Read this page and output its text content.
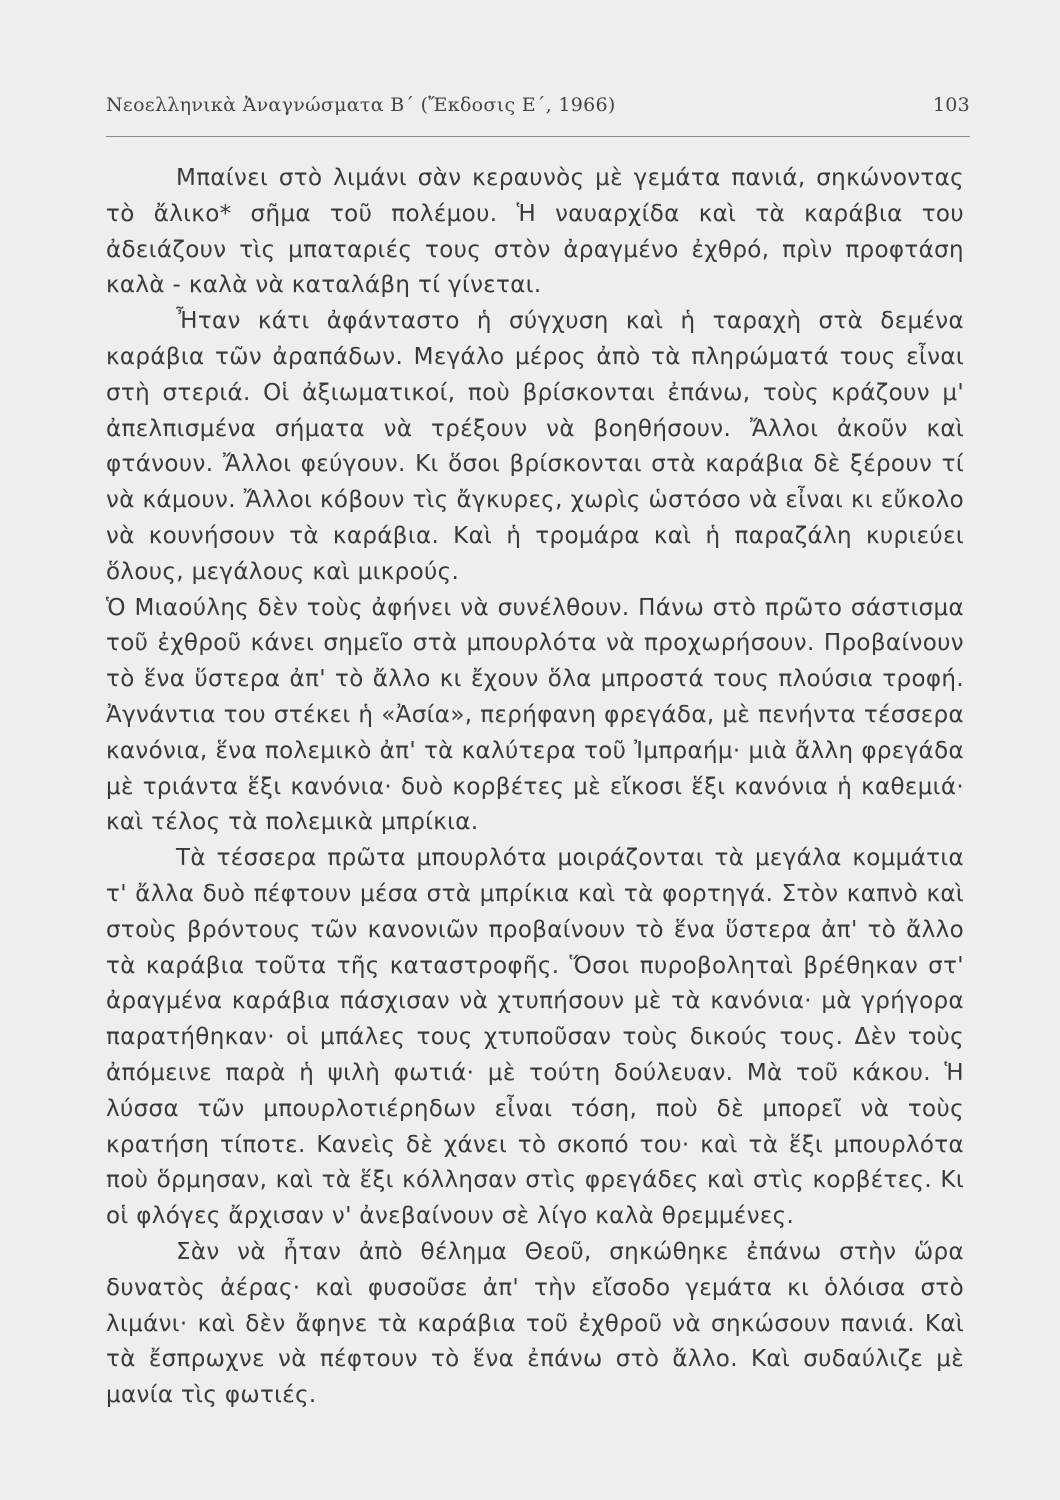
Νεοελληνικὰ Ἀναγνώσματα Β΄ (Ἔκδοσις Ε΄, 1966)	103

Μπαίνει στὸ λιμάνι σὰν κεραυνὸς μὲ γεμάτα πανιά, σηκώνοντας τὸ ἄλικο* σῆμα τοῦ πολέμου. Ἡ ναυαρχίδα καὶ τὰ καράβια του ἀδειάζουν τὶς μπαταριές τους στὸν ἀραγμένο ἐχθρό, πρὶν προφτάση καλὰ - καλὰ νὰ καταλάβη τί γίνεται.

Ἦταν κάτι ἀφάνταστο ἡ σύγχυση καὶ ἡ ταραχὴ στὰ δεμένα καράβια τῶν ἀραπάδων. Μεγάλο μέρος ἀπὸ τὰ πληρώματά τους εἶναι στὴ στεριά. Οἱ ἀξιωματικοί, ποὺ βρίσκονται ἐπάνω, τοὺς κράζουν μ' ἀπελπισμένα σήματα νὰ τρέξουν νὰ βοηθήσουν. Ἄλλοι ἀκοῦν καὶ φτάνουν. Ἄλλοι φεύγουν. Κι ὅσοι βρίσκονται στὰ καράβια δὲ ξέρουν τί νὰ κάμουν. Ἄλλοι κόβουν τὶς ἄγκυρες, χωρὶς ὡστόσο νὰ εἶναι κι εὔκολο νὰ κουνήσουν τὰ καράβια. Καὶ ἡ τρομάρα καὶ ἡ παραζάλη κυριεύει ὅλους, μεγάλους καὶ μικρούς.

Ὁ Μιαούλης δὲν τοὺς ἀφήνει νὰ συνέλθουν. Πάνω στὸ πρῶτο σάστισμα τοῦ ἐχθροῦ κάνει σημεῖο στὰ μπουρλότα νὰ προχωρήσουν. Προβαίνουν τὸ ἕνα ὕστερα ἀπ' τὸ ἄλλο κι ἔχουν ὅλα μπροστά τους πλούσια τροφή. Ἀγνάντια του στέκει ἡ «Ἀσία», περήφανη φρεγάδα, μὲ πενήντα τέσσερα κανόνια, ἕνα πολεμικὸ ἀπ' τὰ καλύτερα τοῦ Ἰμπραήμ· μιὰ ἄλλη φρεγάδα μὲ τριάντα ἕξι κανόνια· δυὸ κορβέτες μὲ εἴκοσι ἕξι κανόνια ἡ καθεμιά· καὶ τέλος τὰ πολεμικὰ μπρίκια.

Τὰ τέσσερα πρῶτα μπουρλότα μοιράζονται τὰ μεγάλα κομμάτια τ' ἄλλα δυὸ πέφτουν μέσα στὰ μπρίκια καὶ τὰ φορτηγά. Στὸν καπνὸ καὶ στοὺς βρόντους τῶν κανονιῶν προβαίνουν τὸ ἕνα ὕστερα ἀπ' τὸ ἄλλο τὰ καράβια τοῦτα τῆς καταστροφῆς. Ὅσοι πυροβοληταὶ βρέθηκαν στ' ἀραγμένα καράβια πάσχισαν νὰ χτυπήσουν μὲ τὰ κανόνια· μὰ γρήγορα παρατήθηκαν· οἱ μπάλες τους χτυποῦσαν τοὺς δικούς τους. Δὲν τοὺς ἀπόμεινε παρὰ ἡ ψιλὴ φωτιά· μὲ τούτη δούλευαν. Μὰ τοῦ κάκου. Ἡ λύσσα τῶν μπουρλοτιέρηδων εἶναι τόση, ποὺ δὲ μπορεῖ νὰ τοὺς κρατήση τίποτε. Κανεὶς δὲ χάνει τὸ σκοπό του· καὶ τὰ ἕξι μπουρλότα ποὺ ὅρμησαν, καὶ τὰ ἕξι κόλλησαν στὶς φρεγάδες καὶ στὶς κορβέτες. Κι οἱ φλόγες ἄρχισαν ν' ἀνεβαίνουν σὲ λίγο καλὰ θρεμμένες.

Σὰν νὰ ἦταν ἀπὸ θέλημα Θεοῦ, σηκώθηκε ἐπάνω στὴν ὥρα δυνατὸς ἀέρας· καὶ φυσοῦσε ἀπ' τὴν εἴσοδο γεμάτα κι ὁλόισα στὸ λιμάνι· καὶ δὲν ἄφηνε τὰ καράβια τοῦ ἐχθροῦ νὰ σηκώσουν πανιά. Καὶ τὰ ἔσπρωχνε νὰ πέφτουν τὸ ἕνα ἐπάνω στὸ ἄλλο. Καὶ συδαύλιζε μὲ μανία τὶς φωτιές.
